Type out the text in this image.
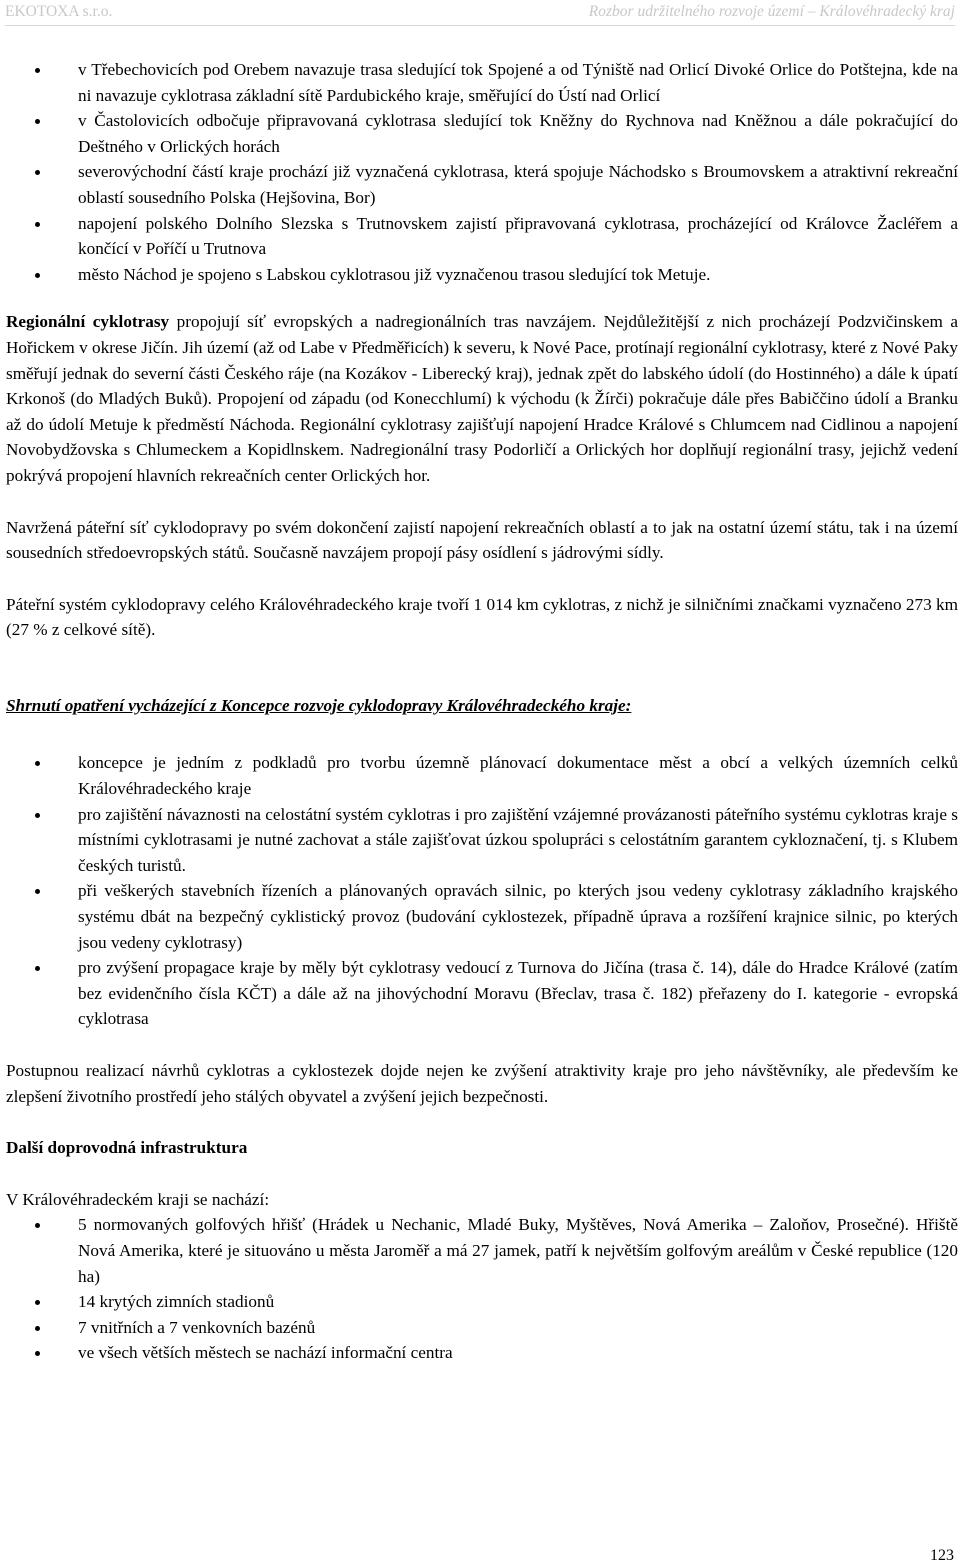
EKOTOXA s.r.o.	Rozbor udržitelného rozvoje území – Královéhradecký kraj
v Třebechovicích pod Orebem navazuje trasa sledující tok Spojené a od Týniště nad Orlicí Divoké Orlice do Potštejna, kde na ni navazuje cyklotrasa základní sítě Pardubického kraje, směřující do Ústí nad Orlicí
v Častolovicích odbočuje připravovaná cyklotrasa sledující tok Kněžny do Rychnova nad Kněžnou a dále pokračující do Deštného v Orlických horách
severovýchodní částí kraje prochází již vyznačená cyklotrasa, která spojuje Náchodsko s Broumovskem a atraktivní rekreační oblastí sousedního Polska (Hejšovina, Bor)
napojení polského Dolního Slezska s Trutnovskem zajistí připravovaná cyklotrasa, procházející od Královce Žacléřem a končící v Poříčí u Trutnova
město Náchod je spojeno s Labskou cyklotrasou již vyznačenou trasou sledující tok Metuje.

Regionální cyklotrasy propojují síť evropských a nadregionálních tras navzájem. Nejdůležitější z nich procházejí Podzvičinskem a Hořickem v okrese Jičín. Jih území (až od Labe v Předměřicích) k severu, k Nové Pace, protínají regionální cyklotrasy, které z Nové Paky směřují jednak do severní části Českého ráje (na Kozákov - Liberecký kraj), jednak zpět do labského údolí (do Hostinného) a dále k úpatí Krkonoš (do Mladých Buků). Propojení od západu (od Konecchlumí) k východu (k Žírči) pokračuje dále přes Babiččino údolí a Branku až do údolí Metuje k předměstí Náchoda. Regionální cyklotrasy zajišťují napojení Hradce Králové s Chlumcem nad Cidlinou a napojení Novobydžovska s Chlumeckem a Kopidlnskem. Nadregionální trasy Podorličí a Orlických hor doplňují regionální trasy, jejichž vedení pokrývá propojení hlavních rekreačních center Orlických hor.

Navržená páteřní síť cyklodopravy po svém dokončení zajistí napojení rekreačních oblastí a to jak na ostatní území státu, tak i na území sousedních středoevropských států. Současně navzájem propojí pásy osídlení s jádrovými sídly.

Páteřní systém cyklodopravy celého Královéhradeckého kraje tvoří 1 014 km cyklotras, z nichž je silničními značkami vyznačeno 273 km (27 % z celkové sítě).

Shrnutí opatření vycházející z Koncepce rozvoje cyklodopravy Královéhradeckého kraje:

koncepce je jedním z podkladů pro tvorbu územně plánovací dokumentace měst a obcí a velkých územních celků Královéhradeckého kraje
pro zajištění návaznosti na celostátní systém cyklotras i pro zajištění vzájemné provázanosti páteřního systému cyklotras kraje s místními cyklotrasami je nutné zachovat a stále zajišťovat úzkou spolupráci s celostátním garantem cykloznačení, tj. s Klubem českých turistů.
při veškerých stavebních řízeních a plánovaných opravách silnic, po kterých jsou vedeny cyklotrasy základního krajského systému dbát na bezpečný cyklistický provoz (budování cyklostezek, případně úprava a rozšíření krajnice silnic, po kterých jsou vedeny cyklotrasy)
pro zvýšení propagace kraje by měly být cyklotrasy vedoucí z Turnova do Jičína (trasa č. 14), dále do Hradce Králové (zatím bez evidenčního čísla KČT) a dále až na jihovýchodní Moravu (Břeclav, trasa č. 182) přeřazeny do I. kategorie - evropská cyklotrasa

Postupnou realizací návrhů cyklotras a cyklostezek dojde nejen ke zvýšení atraktivity kraje pro jeho návštěvníky, ale především ke zlepšení životního prostředí jeho stálých obyvatel a zvýšení jejich bezpečnosti.

Další doprovodná infrastruktura

V Královéhradeckém kraji se nachází:

5 normovaných golfových hřišť (Hrádek u Nechanic, Mladé Buky, Myštěves, Nová Amerika – Zaloňov, Prosečné). Hřiště Nová Amerika, které je situováno u města Jaroměř a má 27 jamek, patří k největším golfovým areálům v České republice (120 ha)
14 krytých zimních stadionů
7 vnitřních a 7 venkovních bazénů
ve všech větších městech se nachází informační centra
123
